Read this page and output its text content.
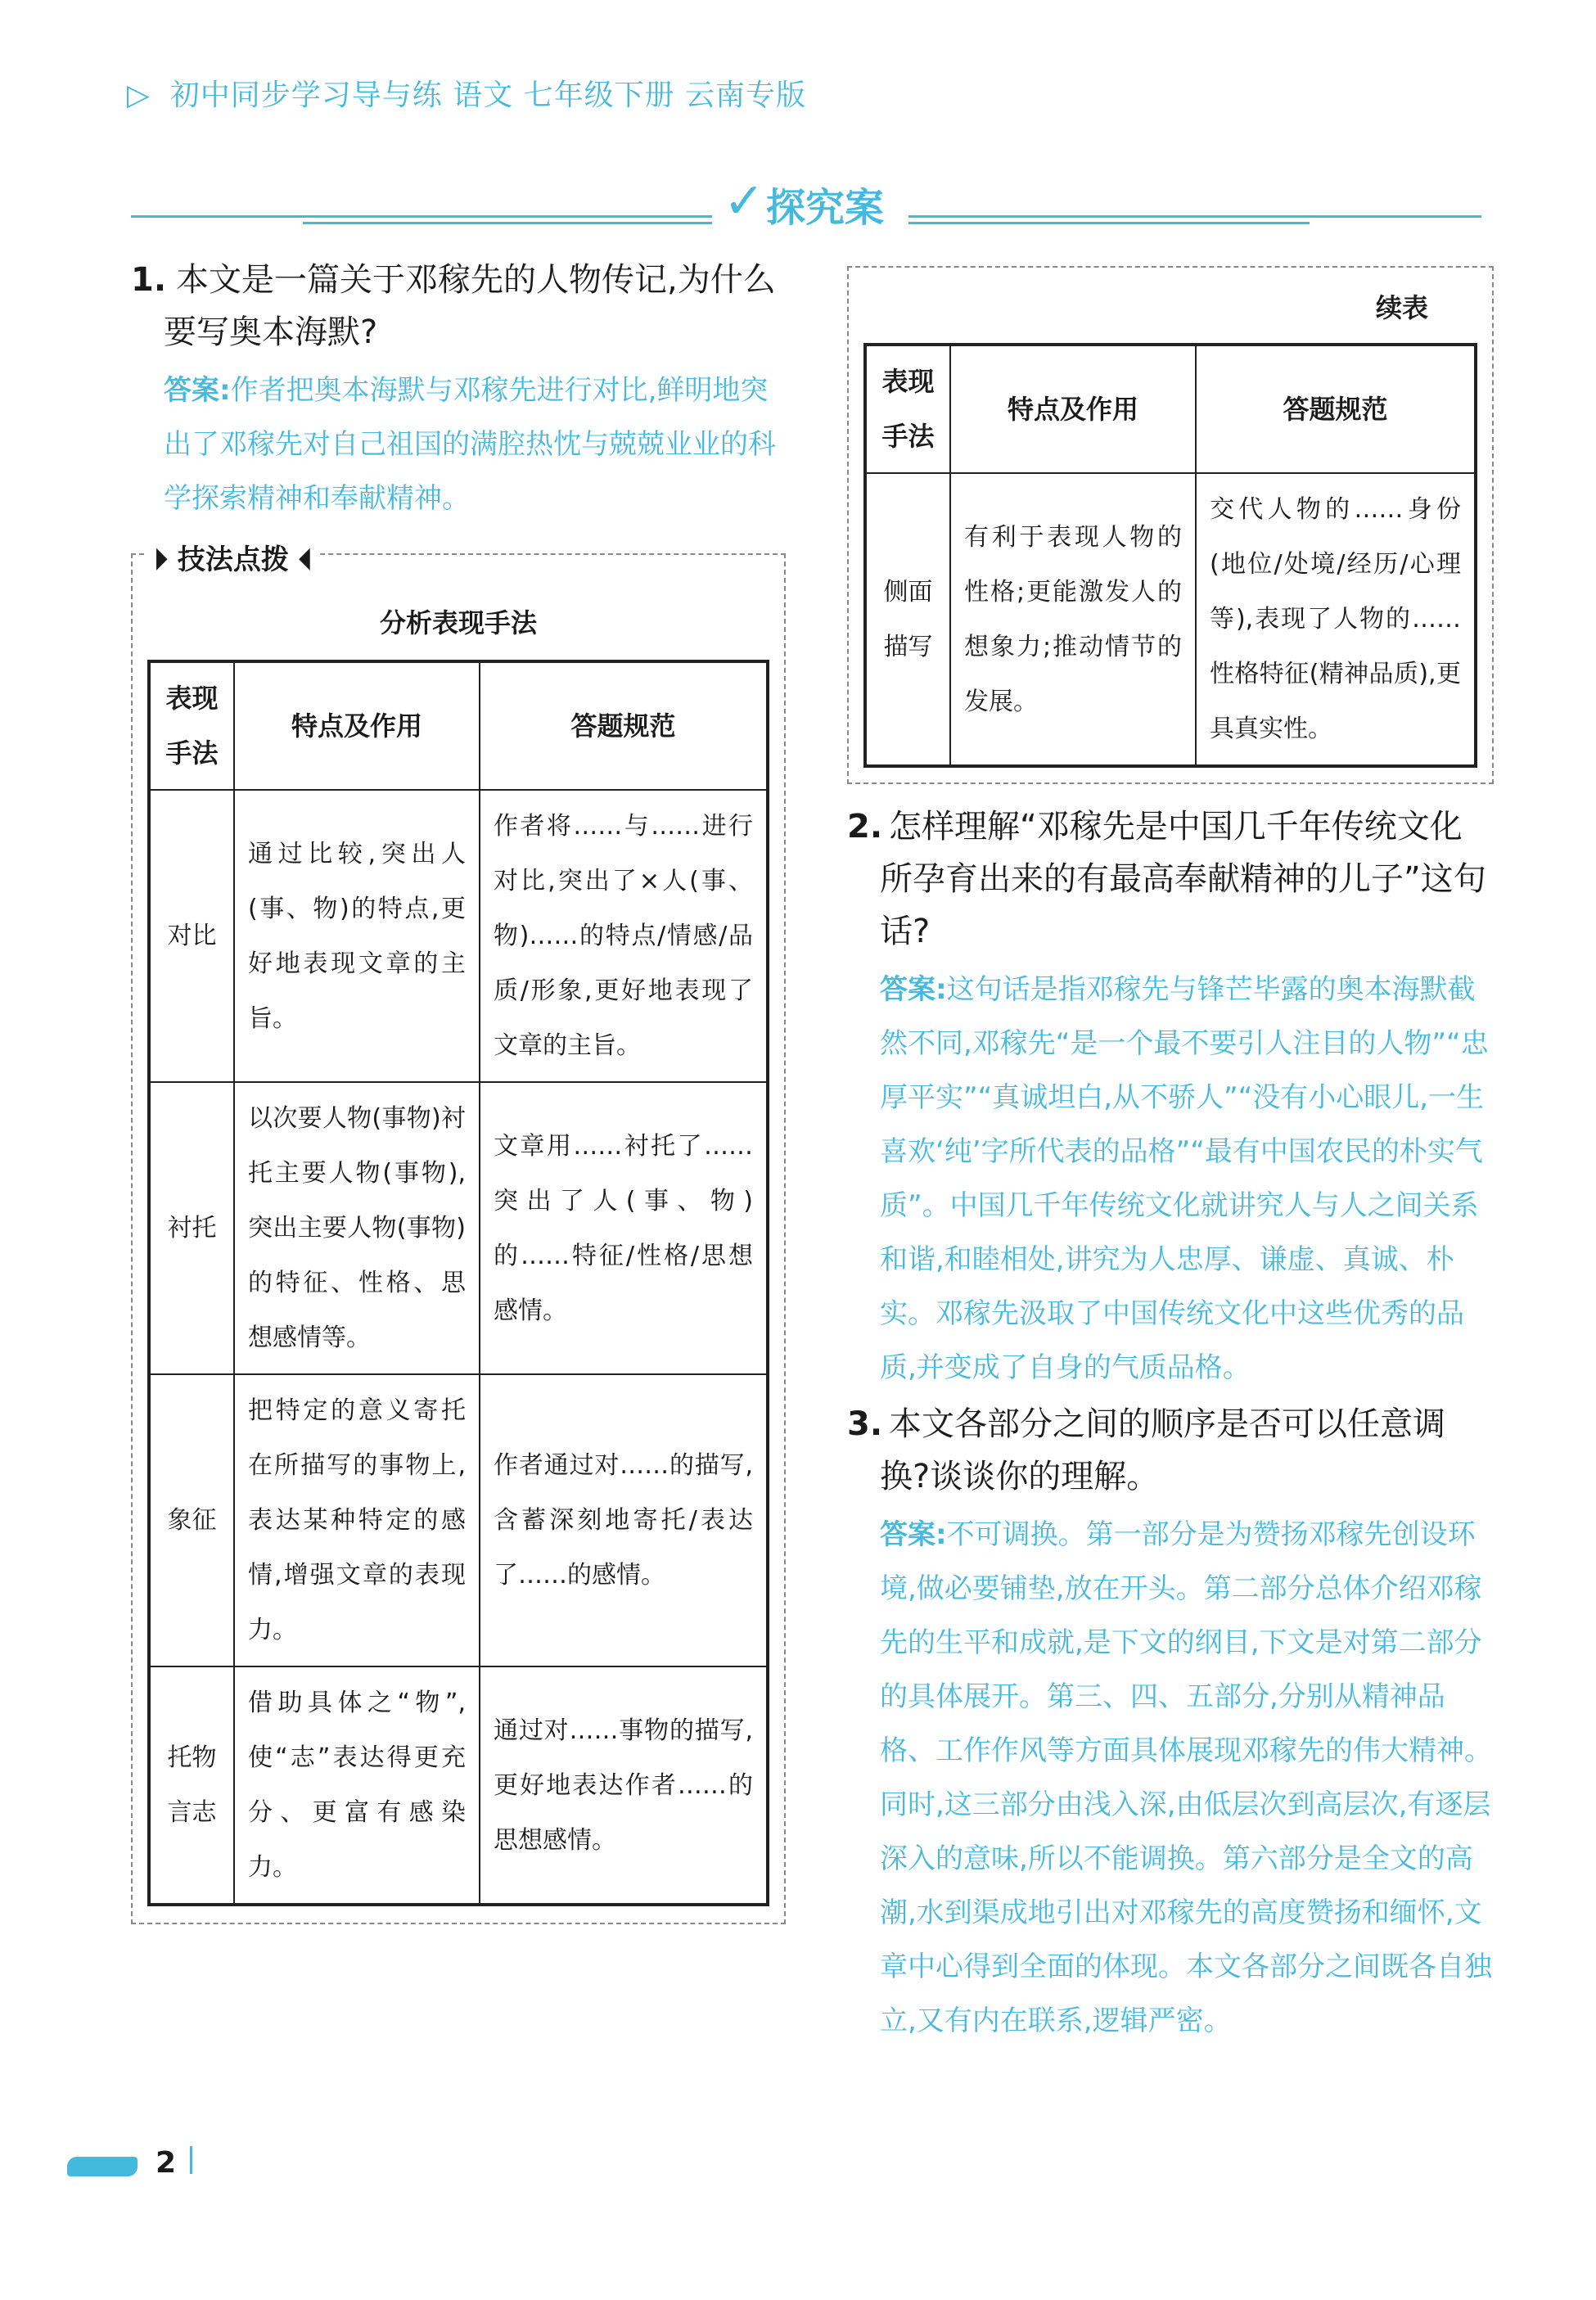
▷ 初中同步学习导与练 语文 七年级下册 云南专版
✓ 探究案

1. 本文是一篇关于邓稼先的人物传记,为什么
要写奥本海默?

答案:作者把奥本海默与邓稼先进行对比,鲜明地突出了邓稼先对自己祖国的满腔热忱与兢兢业业的科学探索精神和奉献精神。

⏵ 技法点拨 ⏴
分析表现手法
表现手法	特点及作用	答题规范
对比	通过比较,突出人(事、物)的特点,更好地表现文章的主旨。	作者将……与……进行对比,突出了×人(事、物)……的特点/情感/品质/形象,更好地表现了文章的主旨。
衬托	以次要人物(事物)衬托主要人物(事物),突出主要人物(事物)的特征、性格、思想感情等。	文章用……衬托了……突出了人(事、物)的……特征/性格/思想感情。
象征	把特定的意义寄托在所描写的事物上,表达某种特定的感情,增强文章的表现力。	作者通过对……的描写,含蓄深刻地寄托/表达了……的感情。
托物言志	借助具体之“物”,使“志”表达得更充分、更富有感染力。	通过对……事物的描写,更好地表达作者……的思想感情。
续表
表现手法	特点及作用	答题规范
侧面描写	有利于表现人物的性格;更能激发人的想象力;推动情节的发展。	交代人物的……身份(地位/处境/经历/心理等),表现了人物的……性格特征(精神品质),更具真实性。

2. 怎样理解“邓稼先是中国几千年传统文化所孕育出来的有最高奉献精神的儿子”这句话?

答案:这句话是指邓稼先与锋芒毕露的奥本海默截然不同,邓稼先“是一个最不要引人注目的人物”“忠厚平实”“真诚坦白,从不骄人”“没有小心眼儿,一生喜欢‘纯’字所代表的品格”“最有中国农民的朴实气质”。中国几千年传统文化就讲究人与人之间关系和谐,和睦相处,讲究为人忠厚、谦虚、真诚、朴实。邓稼先汲取了中国传统文化中这些优秀的品质,并变成了自身的气质品格。

3. 本文各部分之间的顺序是否可以任意调换?谈谈你的理解。

答案:不可调换。第一部分是为赞扬邓稼先创设环境,做必要铺垫,放在开头。第二部分总体介绍邓稼先的生平和成就,是下文的纲目,下文是对第二部分的具体展开。第三、四、五部分,分别从精神品格、工作作风等方面具体展现邓稼先的伟大精神。同时,这三部分由浅入深,由低层次到高层次,有逐层深入的意味,所以不能调换。第六部分是全文的高潮,水到渠成地引出对邓稼先的高度赞扬和缅怀,文章中心得到全面的体现。本文各部分之间既各自独立,又有内在联系,逻辑严密。

2
